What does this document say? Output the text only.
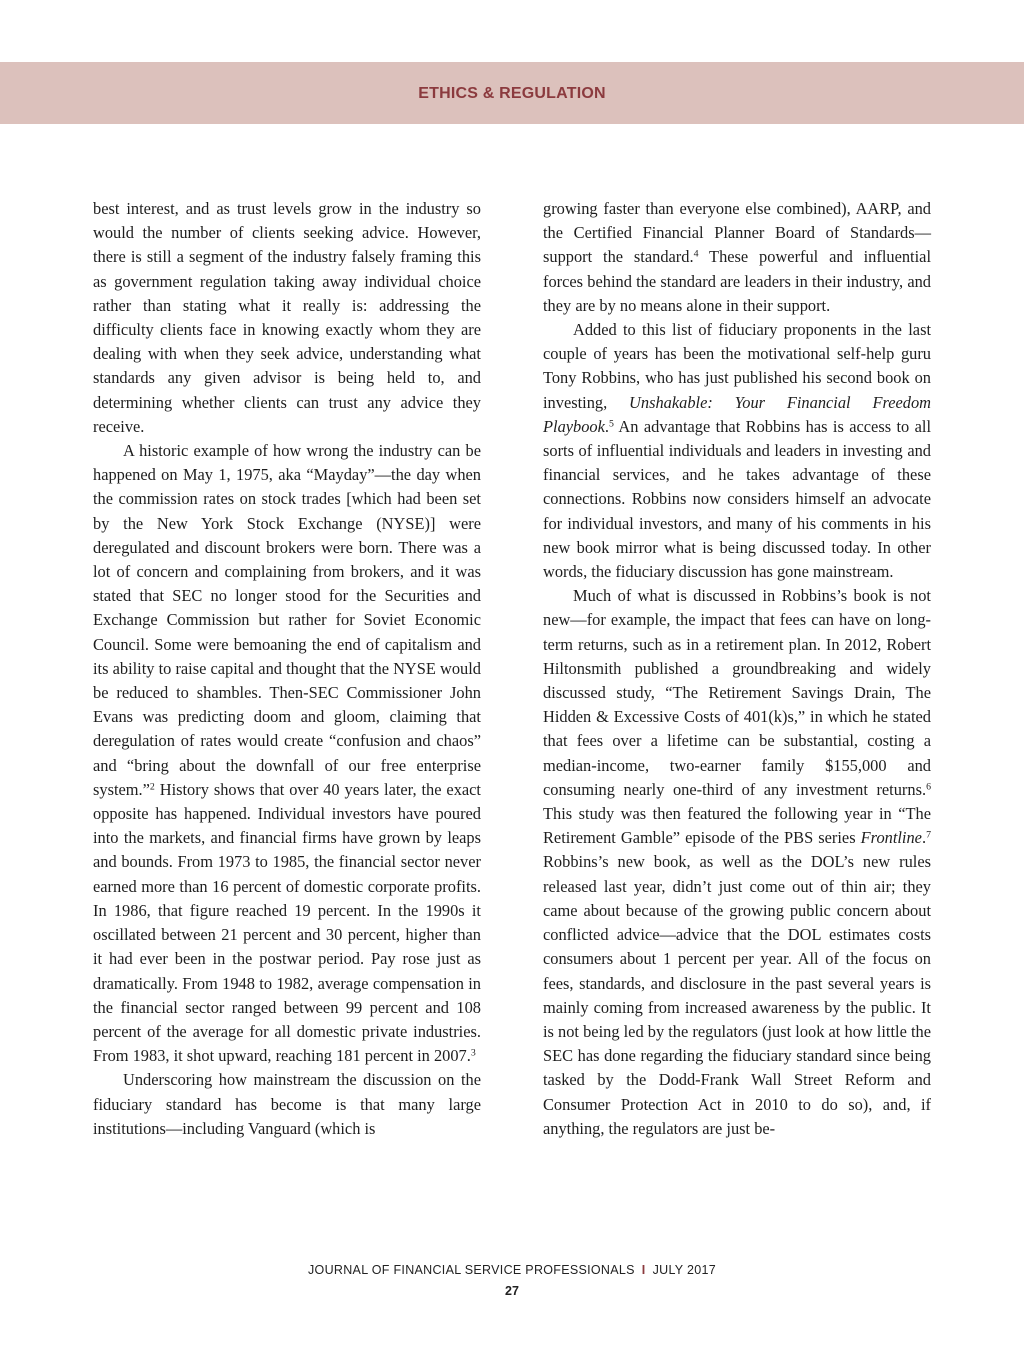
ETHICS & REGULATION

best interest, and as trust levels grow in the industry so would the number of clients seeking advice. However, there is still a segment of the industry falsely framing this as government regulation taking away individual choice rather than stating what it really is: addressing the difficulty clients face in knowing exactly whom they are dealing with when they seek advice, understanding what standards any given advisor is being held to, and determining whether clients can trust any advice they receive.

A historic example of how wrong the industry can be happened on May 1, 1975, aka “Mayday”—the day when the commission rates on stock trades [which had been set by the New York Stock Exchange (NYSE)] were deregulated and discount brokers were born. There was a lot of concern and complaining from brokers, and it was stated that SEC no longer stood for the Securities and Exchange Commission but rather for Soviet Economic Council. Some were bemoaning the end of capitalism and its ability to raise capital and thought that the NYSE would be reduced to shambles. Then-SEC Commissioner John Evans was predicting doom and gloom, claiming that deregulation of rates would create “confusion and chaos” and “bring about the downfall of our free enterprise system.”$^2$ History shows that over 40 years later, the exact opposite has happened. Individual investors have poured into the markets, and financial firms have grown by leaps and bounds. From 1973 to 1985, the financial sector never earned more than 16 percent of domestic corporate profits. In 1986, that figure reached 19 percent. In the 1990s it oscillated between 21 percent and 30 percent, higher than it had ever been in the postwar period. Pay rose just as dramatically. From 1948 to 1982, average compensation in the financial sector ranged between 99 percent and 108 percent of the average for all domestic private industries. From 1983, it shot upward, reaching 181 percent in 2007.$^3$

Underscoring how mainstream the discussion on the fiduciary standard has become is that many large institutions—including Vanguard (which is

growing faster than everyone else combined), AARP, and the Certified Financial Planner Board of Standards—support the standard.$^4$ These powerful and influential forces behind the standard are leaders in their industry, and they are by no means alone in their support.

Added to this list of fiduciary proponents in the last couple of years has been the motivational self-help guru Tony Robbins, who has just published his second book on investing, Unshakable: Your Financial Freedom Playbook.$^5$ An advantage that Robbins has is access to all sorts of influential individuals and leaders in investing and financial services, and he takes advantage of these connections. Robbins now considers himself an advocate for individual investors, and many of his comments in his new book mirror what is being discussed today. In other words, the fiduciary discussion has gone mainstream.

Much of what is discussed in Robbins’s book is not new—for example, the impact that fees can have on long-term returns, such as in a retirement plan. In 2012, Robert Hiltonsmith published a groundbreaking and widely discussed study, “The Retirement Savings Drain, The Hidden & Excessive Costs of 401(k)s,” in which he stated that fees over a lifetime can be substantial, costing a median-income, two-earner family $155,000 and consuming nearly one-third of any investment returns.$^6$ This study was then featured the following year in “The Retirement Gamble” episode of the PBS series Frontline.$^7$ Robbins’s new book, as well as the DOL’s new rules released last year, didn’t just come out of thin air; they came about because of the growing public concern about conflicted advice—advice that the DOL estimates costs consumers about 1 percent per year. All of the focus on fees, standards, and disclosure in the past several years is mainly coming from increased awareness by the public. It is not being led by the regulators (just look at how little the SEC has done regarding the fiduciary standard since being tasked by the Dodd-Frank Wall Street Reform and Consumer Protection Act in 2010 to do so), and, if anything, the regulators are just be-

JOURNAL OF FINANCIAL SERVICE PROFESSIONALS I JULY 2017
27
